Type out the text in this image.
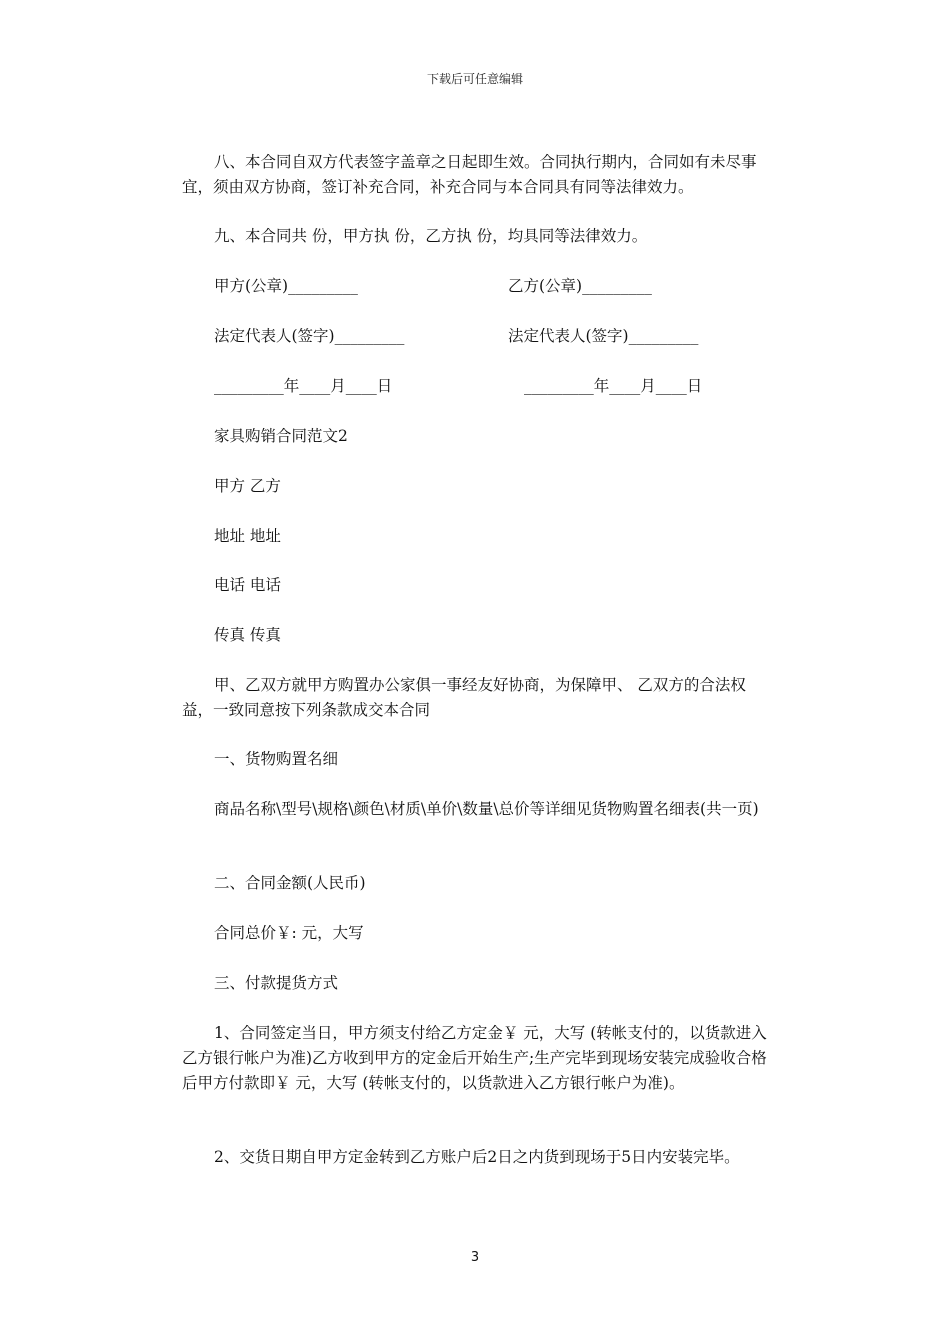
下载后可任意编辑

八、本合同自双方代表签字盖章之日起即生效。合同执行期内，合同如有未尽事宜，须由双方协商，签订补充合同，补充合同与本合同具有同等法律效力。

九、本合同共 份，甲方执 份，乙方执 份，均具同等法律效力。

甲方(公章)_________	乙方(公章)_________
法定代表人(签字)_________	法定代表人(签字)_________
_________年____月____日	_________年____月____日

家具购销合同范文2

甲方 乙方

地址 地址

电话 电话

传真 传真

甲、乙双方就甲方购置办公家俱一事经友好协商，为保障甲、 乙双方的合法权益，一致同意按下列条款成交本合同

一、货物购置名细

商品名称\型号\规格\颜色\材质\单价\数量\总价等详细见货物购置名细表(共一页)

二、合同金额(人民币)

合同总价￥: 元，大写

三、付款提货方式

1、合同签定当日，甲方须支付给乙方定金￥ 元，大写 (转帐支付的，以货款进入乙方银行帐户为准)乙方收到甲方的定金后开始生产;生产完毕到现场安装完成验收合格后甲方付款即￥ 元，大写 (转帐支付的，以货款进入乙方银行帐户为准)。

2、交货日期自甲方定金转到乙方账户后2日之内货到现场于5日内安装完毕。

3
